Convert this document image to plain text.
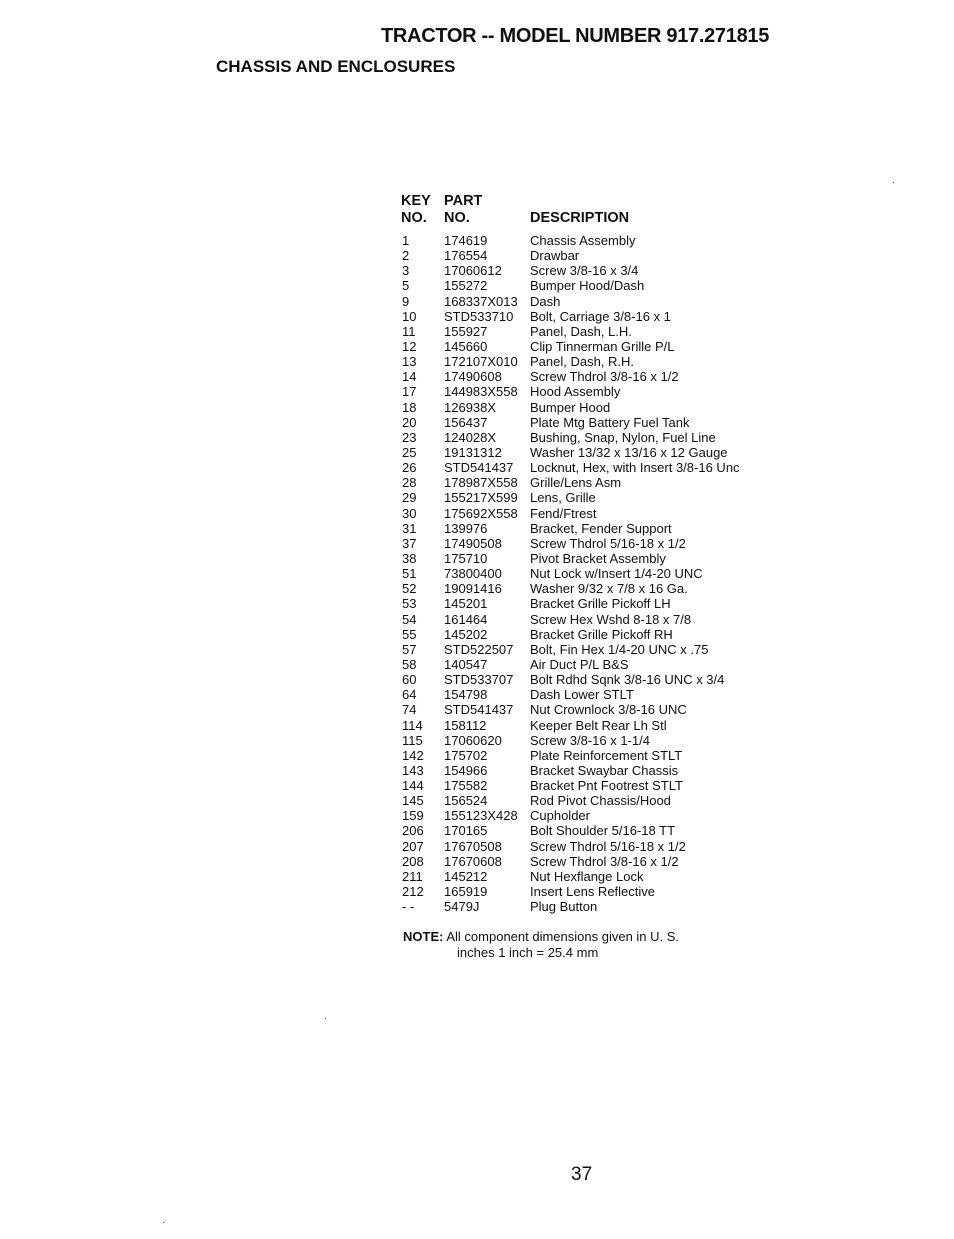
TRACTOR -- MODEL NUMBER 917.271815
CHASSIS AND ENCLOSURES
KEY
NO.
PART
NO.	DESCRIPTION
1	174619	Chassis Assembly
2	176554	Drawbar
3	17060612 Screw 3/8-16 x 3/4
5	155272	Bumper Hood/Dash
9	168337X013 Dash
10 STD533710 Bolt, Carriage 3/8-16 x 1
11 155927	Panel, Dash, L.H.
12 145660	Clip Tinnerman Grille P/L
13 172107X010 Panel, Dash, R.H.
14 17490608 Screw Thdrol 3/8-16 x 1/2
17 144983X558 Hood Assembly
18 126938X	Bumper Hood
20 156437	Plate Mtg Battery Fuel Tank
23 124028X	Bushing, Snap, Nylon, Fuel Line
25 19131312 Washer 13/32 x 13/16 x 12 Gauge
26 STD541437 Locknut, Hex, with Insert 3/8-16 Unc
28 178987X558 Grille/Lens Asm
29 155217X599 Lens, Grille
30 175692X558 Fend/Ftrest
31 139976	Bracket, Fender Support
37 17490508 Screw Thdrol 5/16-18 x 1/2
38 175710	Pivot Bracket Assembly
51 73800400 Nut Lock w/Insert 1/4-20 UNC
52 19091416 Washer 9/32 x 7/8 x 16 Ga.
53 145201	Bracket Grille Pickoff LH
54 161464	Screw Hex Wshd 8-18 x 7/8
55 145202	Bracket Grille Pickoff RH
57 STD522507 Bolt, Fin Hex 1/4-20 UNC x .75
58 140547	Air Duct P/L B&S
60 STD533707 Bolt Rdhd Sqnk 3/8-16 UNC x 3/4
64 154798	Dash Lower STLT
74 STD541437 Nut Crownlock 3/8-16 UNC
114 158112	Keeper Belt Rear Lh Stl
115 17060620 Screw 3/8-16 x 1-1/4
142 175702	Plate Reinforcement STLT
143 154966	Bracket Swaybar Chassis
144 175582	Bracket Pnt Footrest STLT
145 156524	Rod Pivot Chassis/Hood
159 155123X428 Cupholder
206 170165	Bolt Shoulder 5/16-18 TT
207 17670508 Screw Thdrol 5/16-18 x 1/2
208 17670608 Screw Thdrol 3/8-16 x 1/2
211 145212	Nut Hexflange Lock
212 165919	Insert Lens Reflective
- - 5479J	Plug Button
NOTE: All component dimensions given in U. S.
inches 1 inch = 25.4 mm
37
